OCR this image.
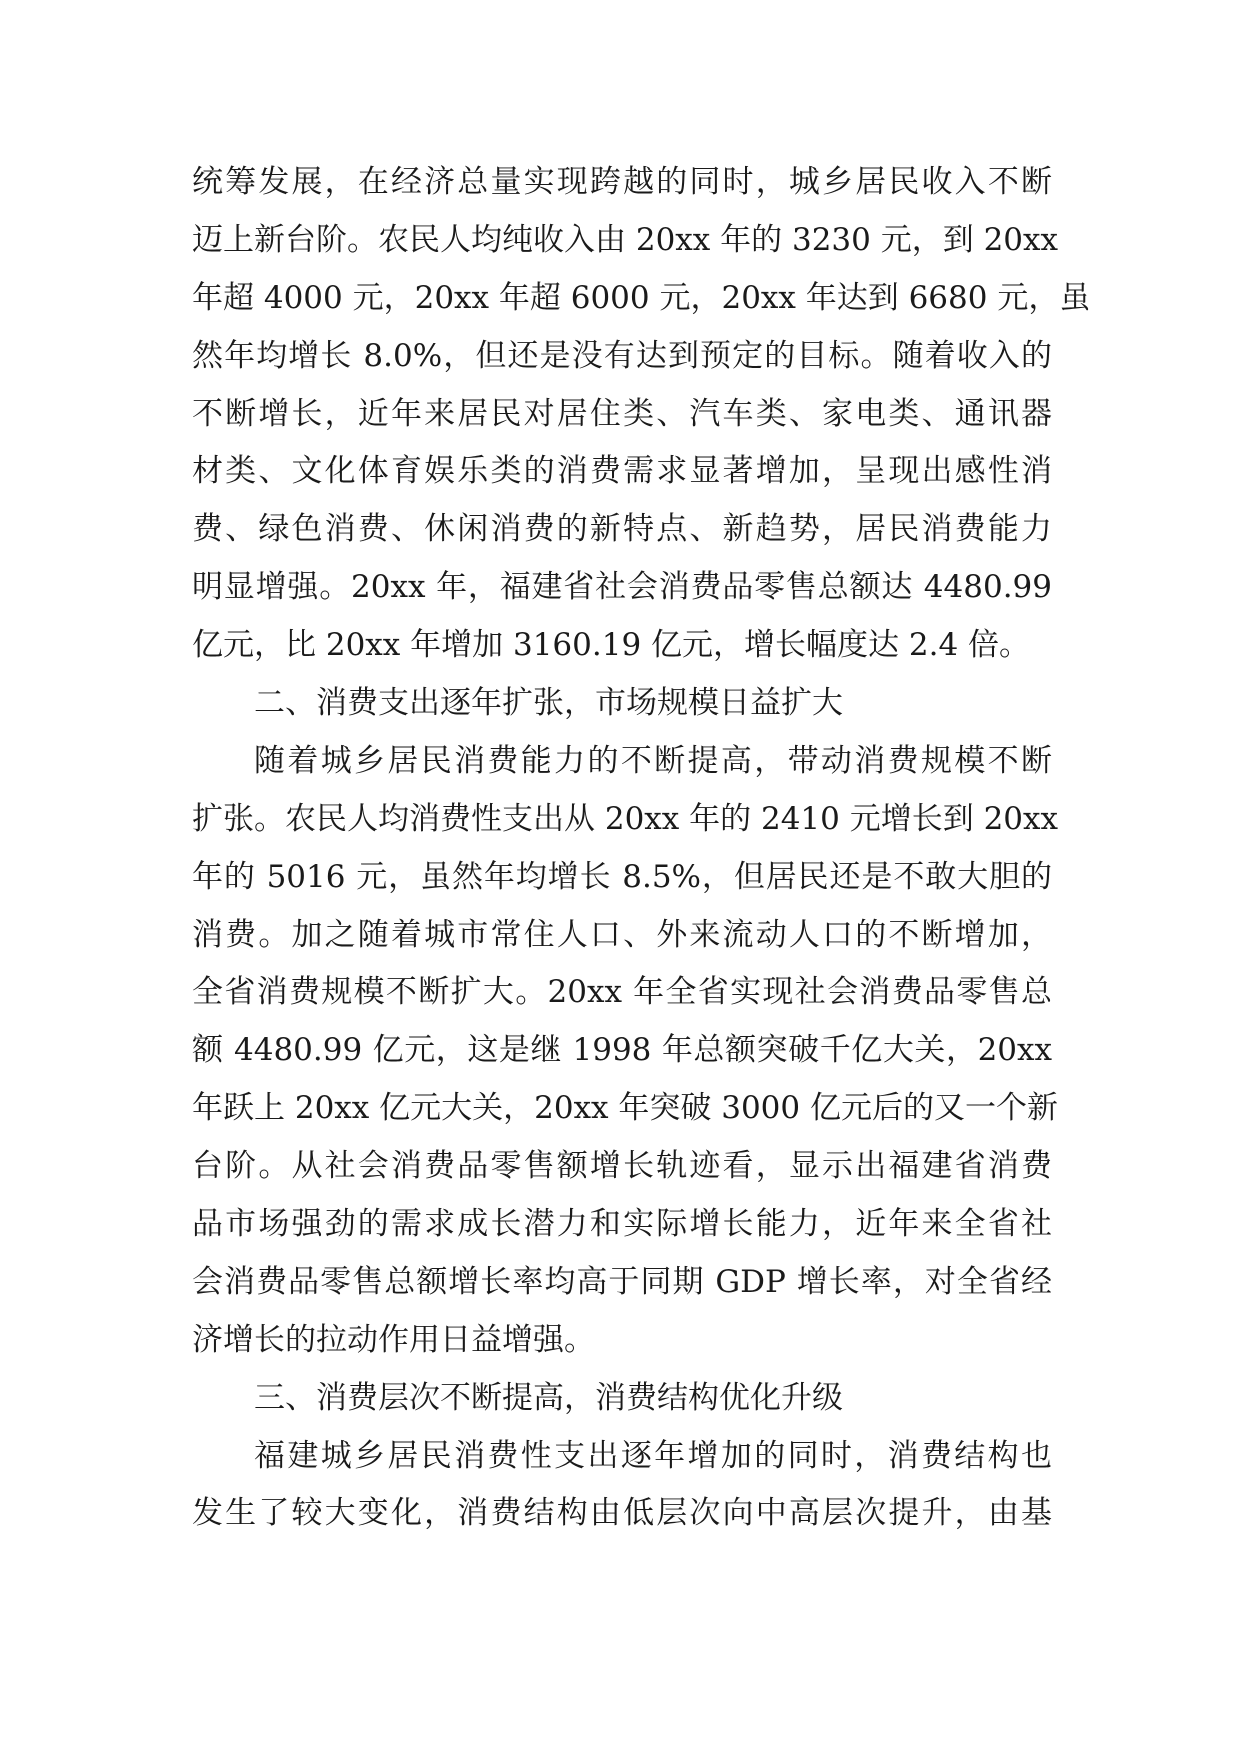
统筹发展，在经济总量实现跨越的同时，城乡居民收入不断
迈上新台阶。农民人均纯收入由 20xx 年的 3230 元，到 20xx
年超 4000 元，20xx 年超 6000 元，20xx 年达到 6680 元，虽
然年均增长 8.0%，但还是没有达到预定的目标。随着收入的
不断增长，近年来居民对居住类、汽车类、家电类、通讯器
材类、文化体育娱乐类的消费需求显著增加，呈现出感性消
费、绿色消费、休闲消费的新特点、新趋势，居民消费能力
明显增强。20xx 年，福建省社会消费品零售总额达 4480.99
亿元，比 20xx 年增加 3160.19 亿元，增长幅度达 2.4 倍。
二、消费支出逐年扩张，市场规模日益扩大
随着城乡居民消费能力的不断提高，带动消费规模不断
扩张。农民人均消费性支出从 20xx 年的 2410 元增长到 20xx
年的 5016 元，虽然年均增长 8.5%，但居民还是不敢大胆的
消费。加之随着城市常住人口、外来流动人口的不断增加，
全省消费规模不断扩大。20xx 年全省实现社会消费品零售总
额 4480.99 亿元，这是继 1998 年总额突破千亿大关，20xx
年跃上 20xx 亿元大关，20xx 年突破 3000 亿元后的又一个新
台阶。从社会消费品零售额增长轨迹看，显示出福建省消费
品市场强劲的需求成长潜力和实际增长能力，近年来全省社
会消费品零售总额增长率均高于同期 GDP 增长率，对全省经
济增长的拉动作用日益增强。
三、消费层次不断提高，消费结构优化升级
福建城乡居民消费性支出逐年增加的同时，消费结构也
发生了较大变化，消费结构由低层次向中高层次提升，由基
